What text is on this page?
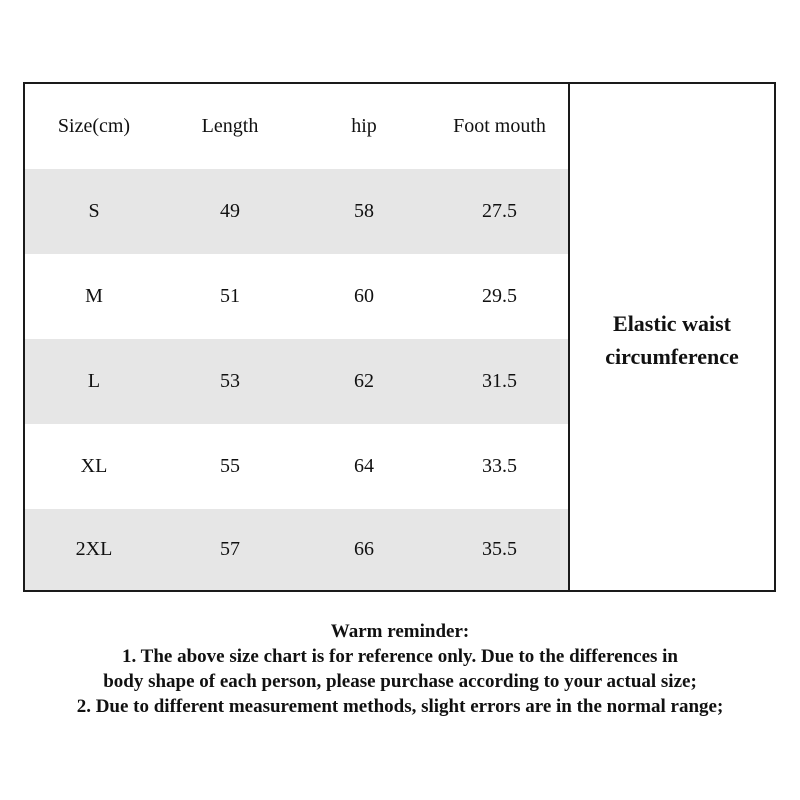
Size(cm)	Length	hip	Foot mouth
S	49	58	27.5
M	51	60	29.5
L	53	62	31.5
XL	55	64	33.5
2XL	57	66	35.5
Elastic waist
circumference
Warm reminder:
1. The above size chart is for reference only. Due to the differences in
body shape of each person, please purchase according to your actual size;
2. Due to different measurement methods, slight errors are in the normal range;
